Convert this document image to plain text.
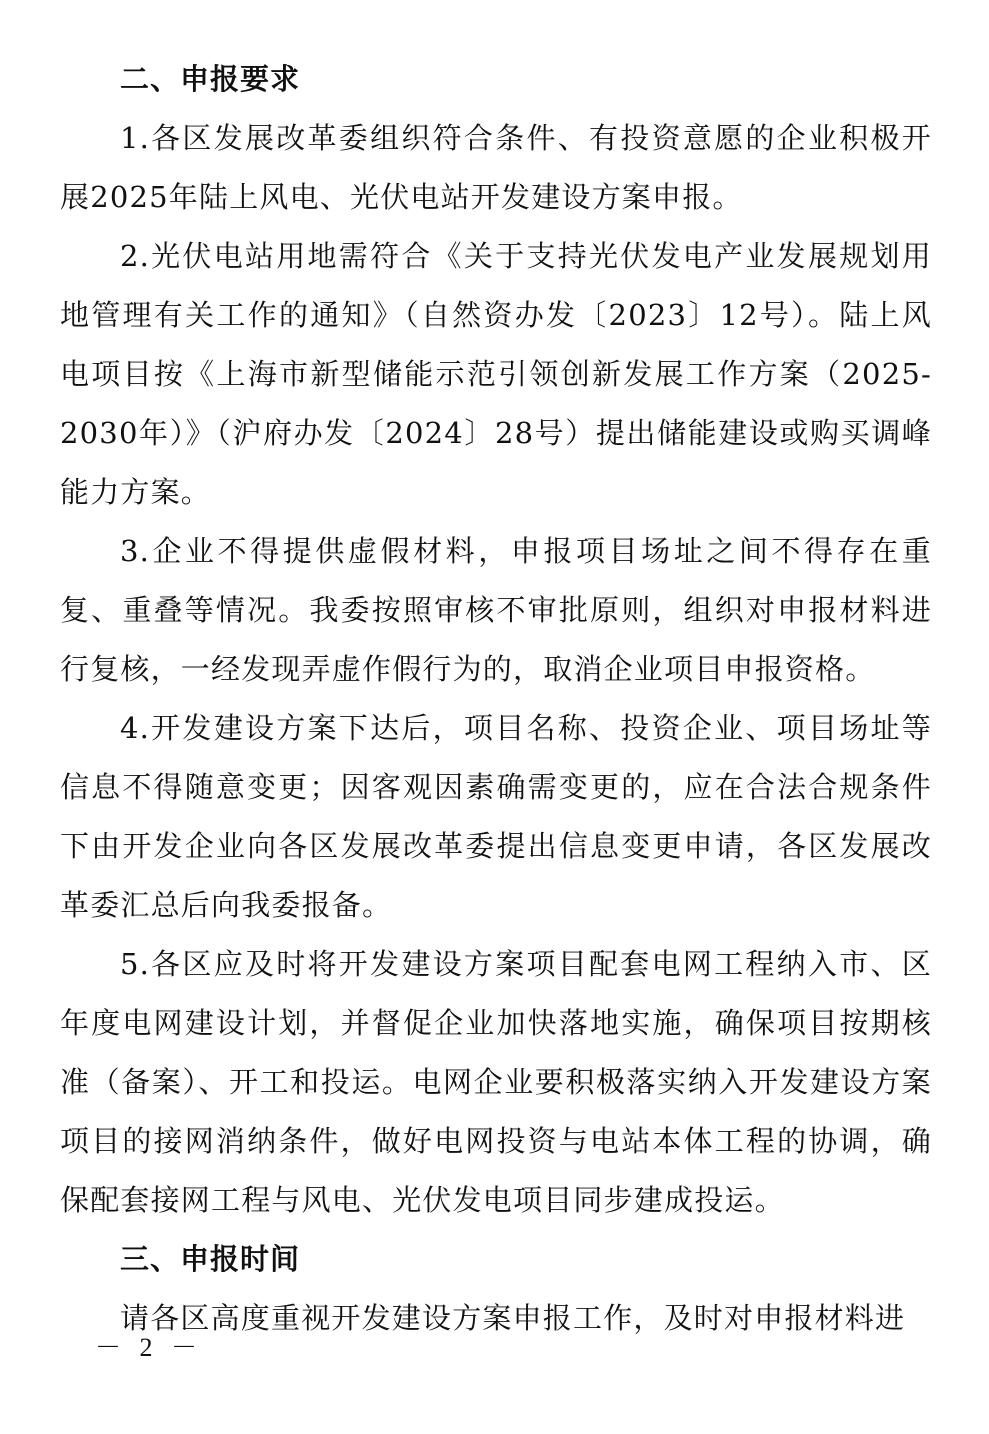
二、申报要求

1.各区发展改革委组织符合条件、有投资意愿的企业积极开展2025年陆上风电、光伏电站开发建设方案申报。

2.光伏电站用地需符合《关于支持光伏发电产业发展规划用地管理有关工作的通知》（自然资办发〔2023〕12号）。陆上风电项目按《上海市新型储能示范引领创新发展工作方案（2025-2030年）》（沪府办发〔2024〕28号）提出储能建设或购买调峰能力方案。

3.企业不得提供虚假材料，申报项目场址之间不得存在重复、重叠等情况。我委按照审核不审批原则，组织对申报材料进行复核，一经发现弄虚作假行为的，取消企业项目申报资格。

4.开发建设方案下达后，项目名称、投资企业、项目场址等信息不得随意变更；因客观因素确需变更的，应在合法合规条件下由开发企业向各区发展改革委提出信息变更申请，各区发展改革委汇总后向我委报备。

5.各区应及时将开发建设方案项目配套电网工程纳入市、区年度电网建设计划，并督促企业加快落地实施，确保项目按期核准（备案）、开工和投运。电网企业要积极落实纳入开发建设方案项目的接网消纳条件，做好电网投资与电站本体工程的协调，确保配套接网工程与风电、光伏发电项目同步建成投运。

三、申报时间

请各区高度重视开发建设方案申报工作，及时对申报材料进

－ 2 －
